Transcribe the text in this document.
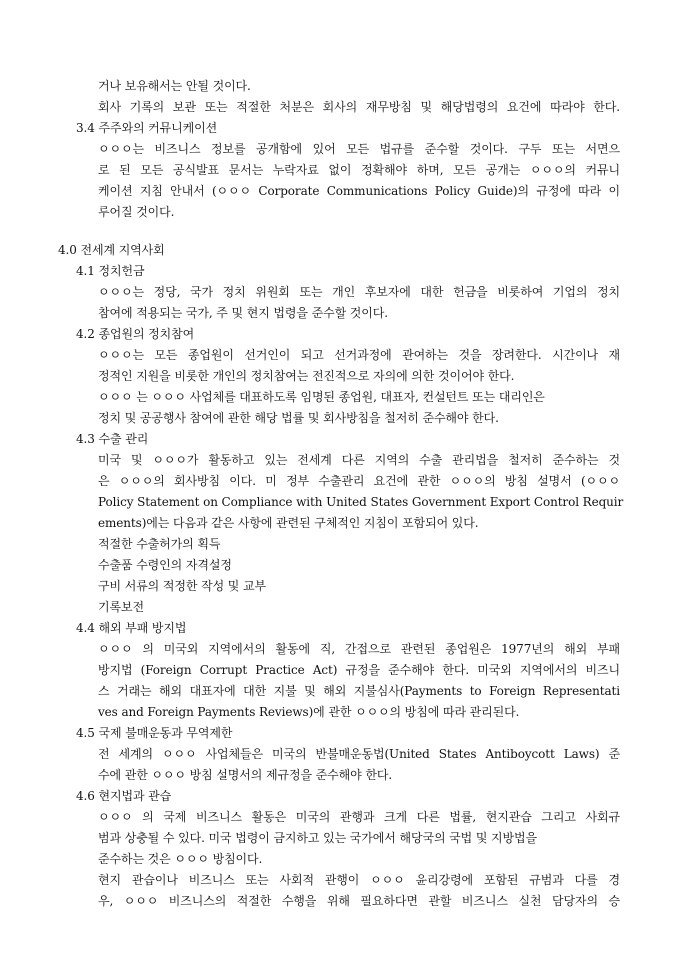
거나 보유해서는 안될 것이다.
회사 기록의 보관 또는 적절한 처분은 회사의 재무방침 및 해당법령의 요건에 따라야 한다.
3.4 주주와의 커뮤니케이션
ㅇㅇㅇ는 비즈니스 정보를 공개함에 있어 모든 법규를 준수할 것이다. 구두 또는 서면으
로 된 모든 공식발표 문서는 누락자료 없이 정확해야 하며, 모든 공개는 ㅇㅇㅇ의 커뮤니
케이션 지침 안내서 (ㅇㅇㅇ Corporate Communications Policy Guide)의 규정에 따라 이
루어질 것이다.
4.0 전세계 지역사회
4.1 정치헌금
ㅇㅇㅇ는 정당, 국가 정치 위원회 또는 개인 후보자에 대한 헌금을 비롯하여 기업의 정치
참여에 적용되는 국가, 주 및 현지 법령을 준수할 것이다.
4.2 종업원의 정치참여
ㅇㅇㅇ는 모든 종업원이 선거인이 되고 선거과정에 관여하는 것을 장려한다. 시간이나 재
정적인 지원을 비롯한 개인의 정치참여는 전진적으로 자의에 의한 것이어야 한다.
ㅇㅇㅇ 는 ㅇㅇㅇ 사업체를 대표하도록 임명된 종업원, 대표자, 컨설턴트 또는 대리인은
정치 및 공공행사 참여에 관한 해당 법률 및 회사방침을 철저히 준수해야 한다.
4.3 수출 관리
미국 및 ㅇㅇㅇ가 활동하고 있는 전세계 다른 지역의 수출 관리법을 철저히 준수하는 것
은 ㅇㅇㅇ의 회사방침 이다. 미 정부 수출관리 요건에 관한 ㅇㅇㅇ의 방침 설명서 (ㅇㅇㅇ
Policy Statement on Compliance with United States Government Export Control Requir
ements)에는 다음과 같은 사항에 관련된 구체적인 지침이 포함되어 있다.
적절한 수출허가의 획득
수출품 수령인의 자격설정
구비 서류의 적정한 작성 및 교부
기록보전
4.4 해외 부패 방지법
ㅇㅇㅇ 의 미국외 지역에서의 활동에 직, 간접으로 관련된 종업원은 1977년의 해외 부패
방지법 (Foreign Corrupt Practice Act) 규정을 준수해야 한다. 미국외 지역에서의 비즈니
스 거래는 해외 대표자에 대한 지불 및 해외 지불심사(Payments to Foreign Representati
ves and Foreign Payments Reviews)에 관한 ㅇㅇㅇ의 방침에 따라 관리된다.
4.5 국제 불매운동과 무역제한
전 세계의 ㅇㅇㅇ 사업체들은 미국의 반불매운동법(United States Antiboycott Laws) 준
수에 관한 ㅇㅇㅇ 방침 설명서의 제규정을 준수해야 한다.
4.6 현지법과 관습
ㅇㅇㅇ 의 국제 비즈니스 활동은 미국의 관행과 크게 다른 법률, 현지관습 그리고 사회규
범과 상충될 수 있다. 미국 법령이 금지하고 있는 국가에서 해당국의 국법 및 지방법을
준수하는 것은 ㅇㅇㅇ 방침이다.
현지 관습이나 비즈니스 또는 사회적 관행이 ㅇㅇㅇ 윤리강령에 포함된 규범과 다를 경
우, ㅇㅇㅇ 비즈니스의 적절한 수행을 위해 필요하다면 관할 비즈니스 실천 담당자의 승
